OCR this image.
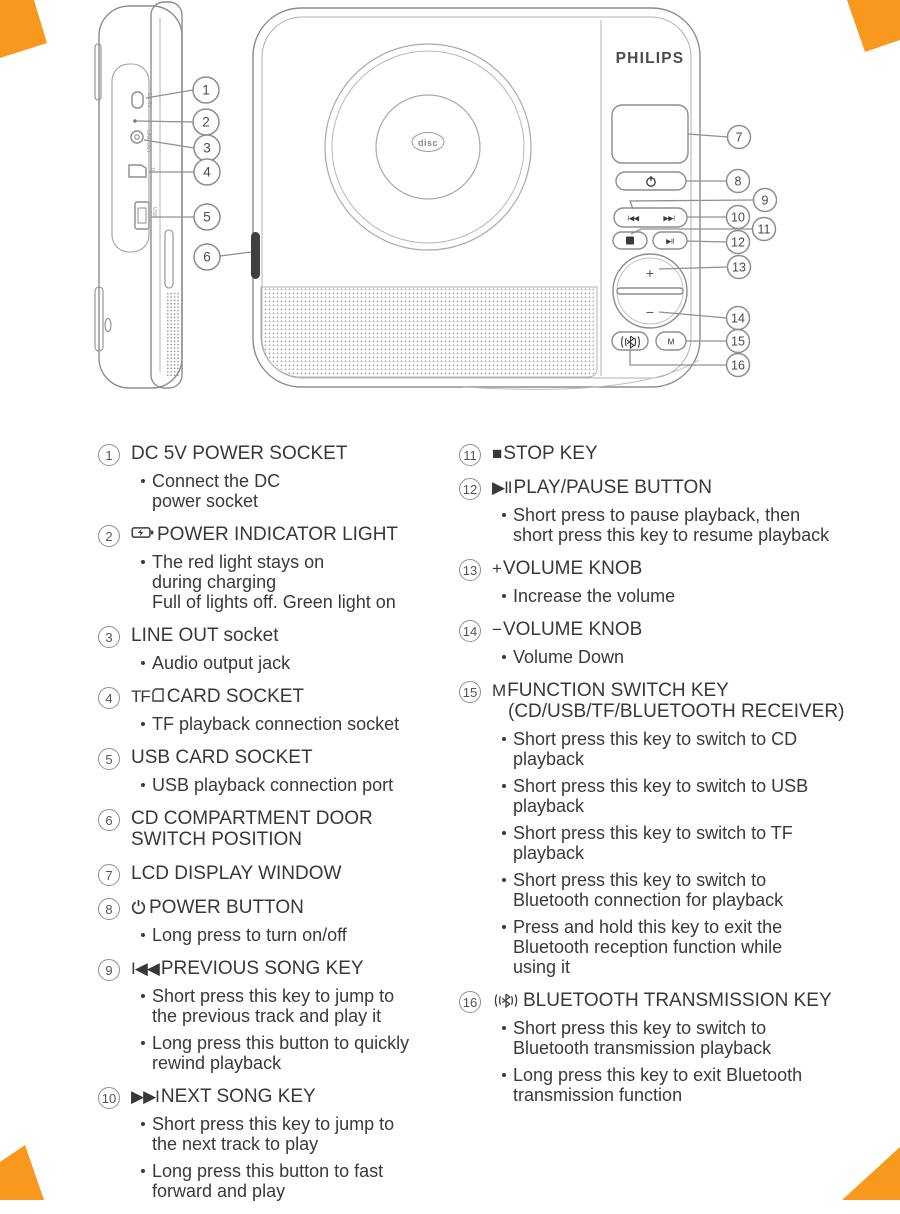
DC 5V
LINE OUT
TF
USB
PHILIPS
disc
I◀◀	▶▶I
▶II
+
−
M
1
2
3
4
5
6
7
8
9
10
11
12
13
14
15
16
1 DC 5V POWER SOCKET
Connect the DC
power socket
2	POWER INDICATOR LIGHT
The red light stays on
during charging
Full of lights off. Green light on
3 LINE OUT socket
Audio output jack
4	TF CARD SOCKET
TF playback connection socket
5 USB CARD SOCKET
USB playback connection port
6 CD COMPARTMENT DOOR
SWITCH POSITION
7 LCD DISPLAY WINDOW
8	POWER BUTTON
Long press to turn on/off
9	I◀◀ PREVIOUS SONG KEY
Short press this key to jump to
the previous track and play it
Long press this button to quickly
rewind playback
10 ▶▶I NEXT SONG KEY
Short press this key to jump to
the next track to play
Long press this button to fast
forward and play
11 ■ STOP KEY
12 ▶II PLAY/PAUSE BUTTON
Short press to pause playback, then
short press this key to resume playback
13 + VOLUME KNOB
Increase the volume
14 − VOLUME KNOB
Volume Down
15 M FUNCTION SWITCH KEY
(CD/USB/TF/BLUETOOTH RECEIVER)
Short press this key to switch to CD
playback
Short press this key to switch to USB
playback
Short press this key to switch to TF
playback
Short press this key to switch to
Bluetooth connection for playback
Press and hold this key to exit the
Bluetooth reception function while
using it
16 BLUETOOTH TRANSMISSION KEY
Short press this key to switch to
Bluetooth transmission playback
Long press this key to exit Bluetooth
transmission function
